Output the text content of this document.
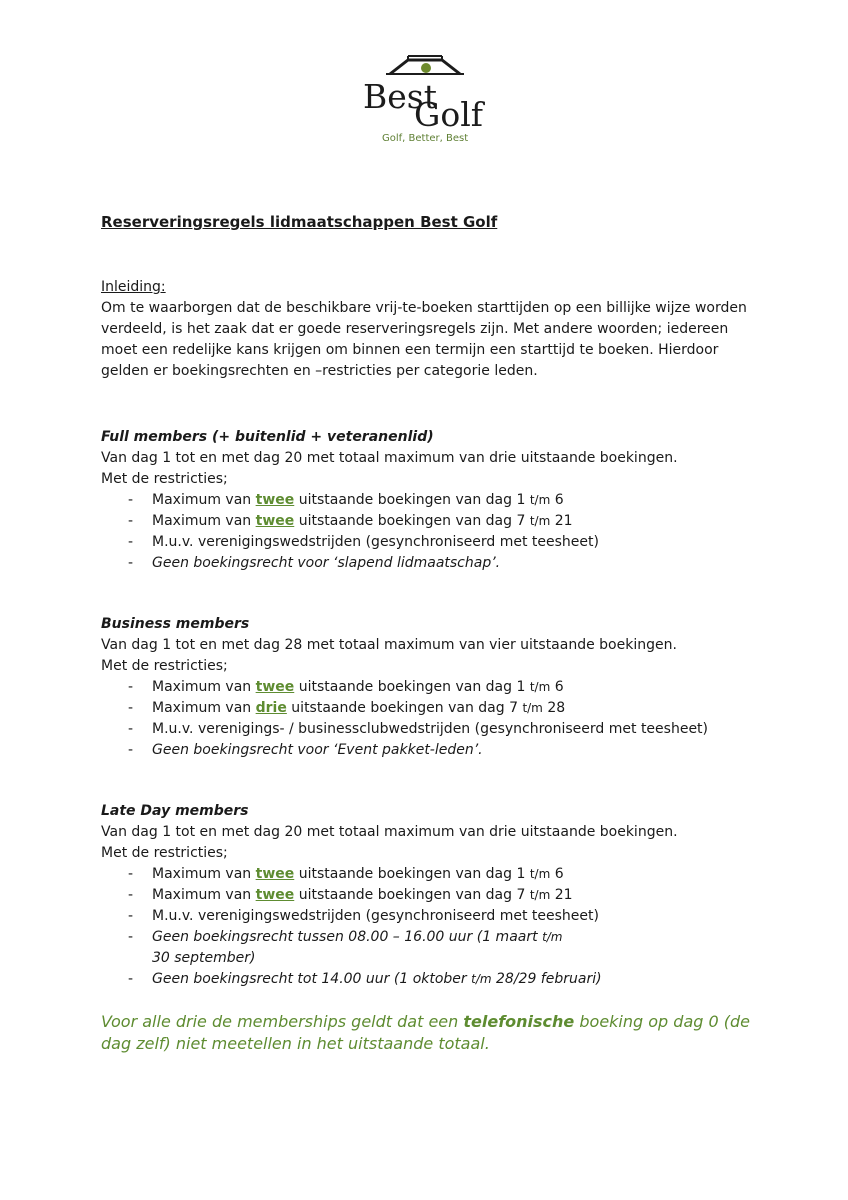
Best
Golf
Golf, Better, Best
Reserveringsregels lidmaatschappen Best Golf
Inleiding:
Om te waarborgen dat de beschikbare vrij-te-boeken starttijden op een billijke wijze worden verdeeld, is het zaak dat er goede reserveringsregels zijn. Met andere woorden; iedereen moet een redelijke kans krijgen om binnen een termijn een starttijd te boeken. Hierdoor gelden er boekingsrechten en –restricties per categorie leden.
Full members (+ buitenlid + veteranenlid)
Van dag 1 tot en met dag 20 met totaal maximum van drie uitstaande boekingen.
Met de restricties;
- Maximum van twee uitstaande boekingen van dag 1 t/m 6
- Maximum van twee uitstaande boekingen van dag 7 t/m 21
- M.u.v. verenigingswedstrijden (gesynchroniseerd met teesheet)
- Geen boekingsrecht voor ‘slapend lidmaatschap’.
Business members
Van dag 1 tot en met dag 28 met totaal maximum van vier uitstaande boekingen.
Met de restricties;
- Maximum van twee uitstaande boekingen van dag 1 t/m 6
- Maximum van drie uitstaande boekingen van dag 7 t/m 28
- M.u.v. verenigings- / businessclubwedstrijden (gesynchroniseerd met teesheet)
- Geen boekingsrecht voor ‘Event pakket-leden’.
Late Day members
Van dag 1 tot en met dag 20 met totaal maximum van drie uitstaande boekingen.
Met de restricties;
- Maximum van twee uitstaande boekingen van dag 1 t/m 6
- Maximum van twee uitstaande boekingen van dag 7 t/m 21
- M.u.v. verenigingswedstrijden (gesynchroniseerd met teesheet)
- Geen boekingsrecht tussen 08.00 – 16.00 uur (1 maart t/m 30 september)
- Geen boekingsrecht tot 14.00 uur (1 oktober t/m 28/29 februari)
Voor alle drie de memberships geldt dat een telefonische boeking op dag 0 (de dag zelf) niet meetellen in het uitstaande totaal.
